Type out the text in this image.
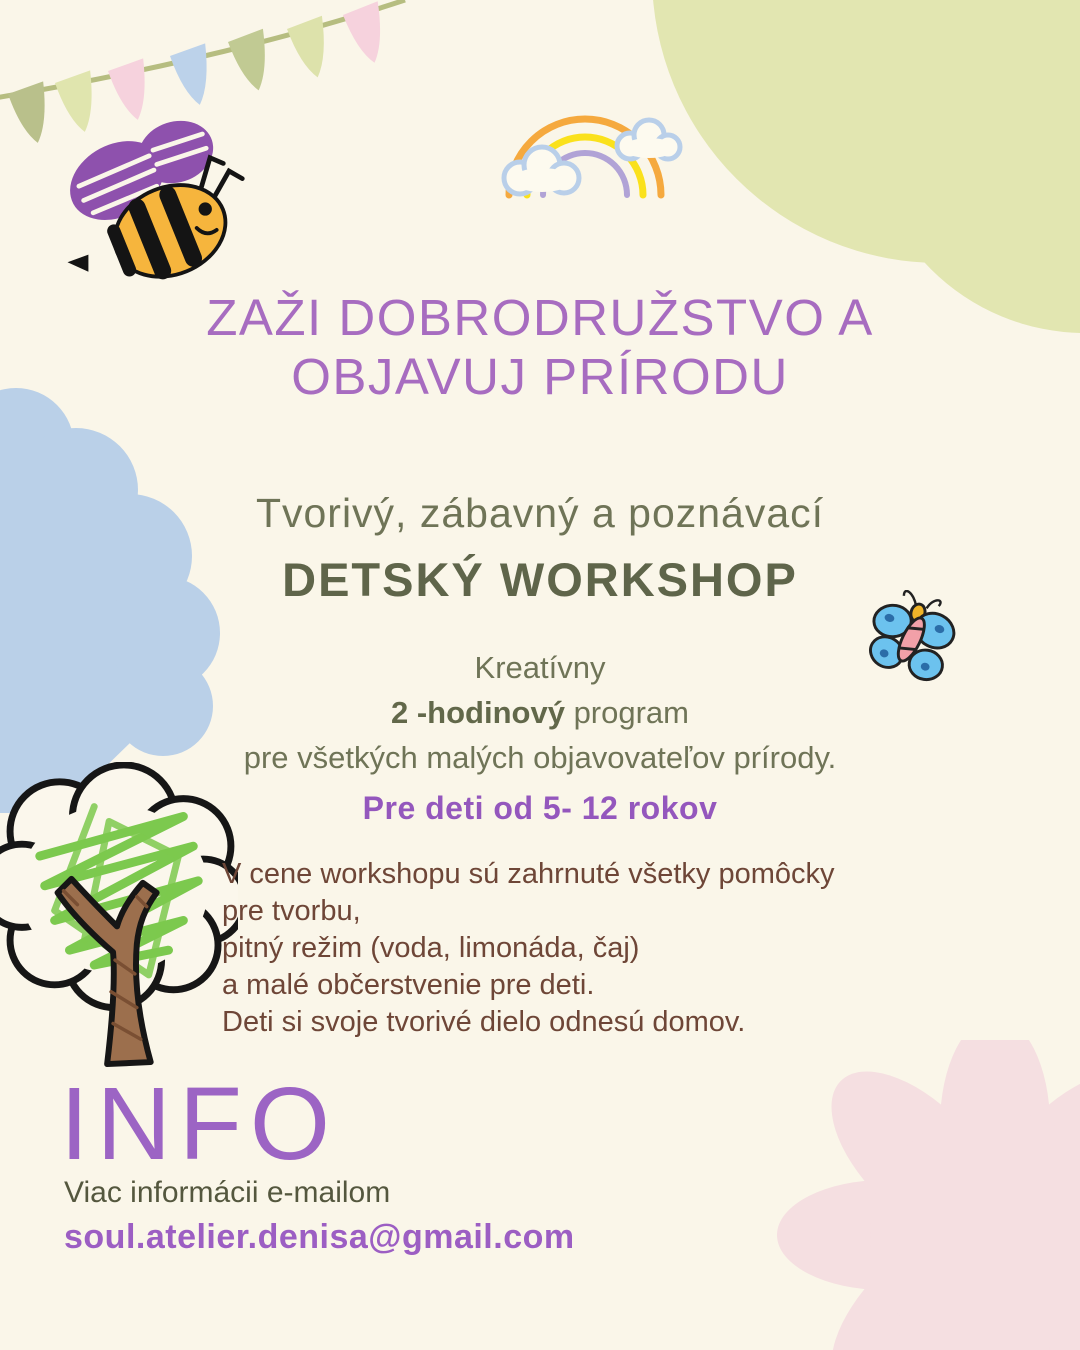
ZAŽI DOBRODRUŽSTVO A
OBJAVUJ PRÍRODU
Tvorivý, zábavný a poznávací
DETSKÝ WORKSHOP
Kreatívny
2 -hodinový program
pre všetkých malých objavovateľov prírody.
Pre deti od 5- 12 rokov
V cene workshopu sú zahrnuté všetky pomôcky
pre tvorbu,
pitný režim (voda, limonáda, čaj)
a malé občerstvenie pre deti.
Deti si svoje tvorivé dielo odnesú domov.
INFO
Viac informácii e-mailom
soul.atelier.denisa@gmail.com
